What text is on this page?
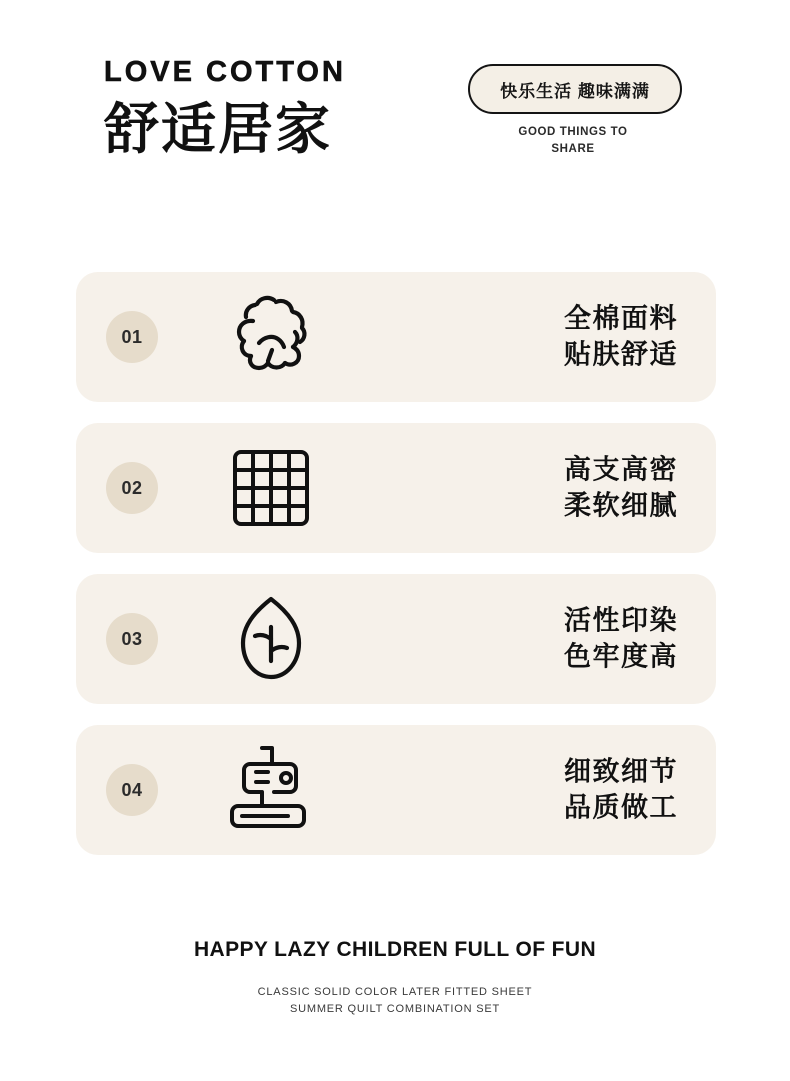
LOVE COTTON
舒适居家
快乐生活 趣味满满
GOOD THINGS TO
SHARE
01
全棉面料
贴肤舒适
02
高支高密
柔软细腻
03
活性印染
色牢度高
04
细致细节
品质做工
HAPPY LAZY CHILDREN FULL OF FUN
CLASSIC SOLID COLOR LATER FITTED SHEET
SUMMER QUILT COMBINATION SET
